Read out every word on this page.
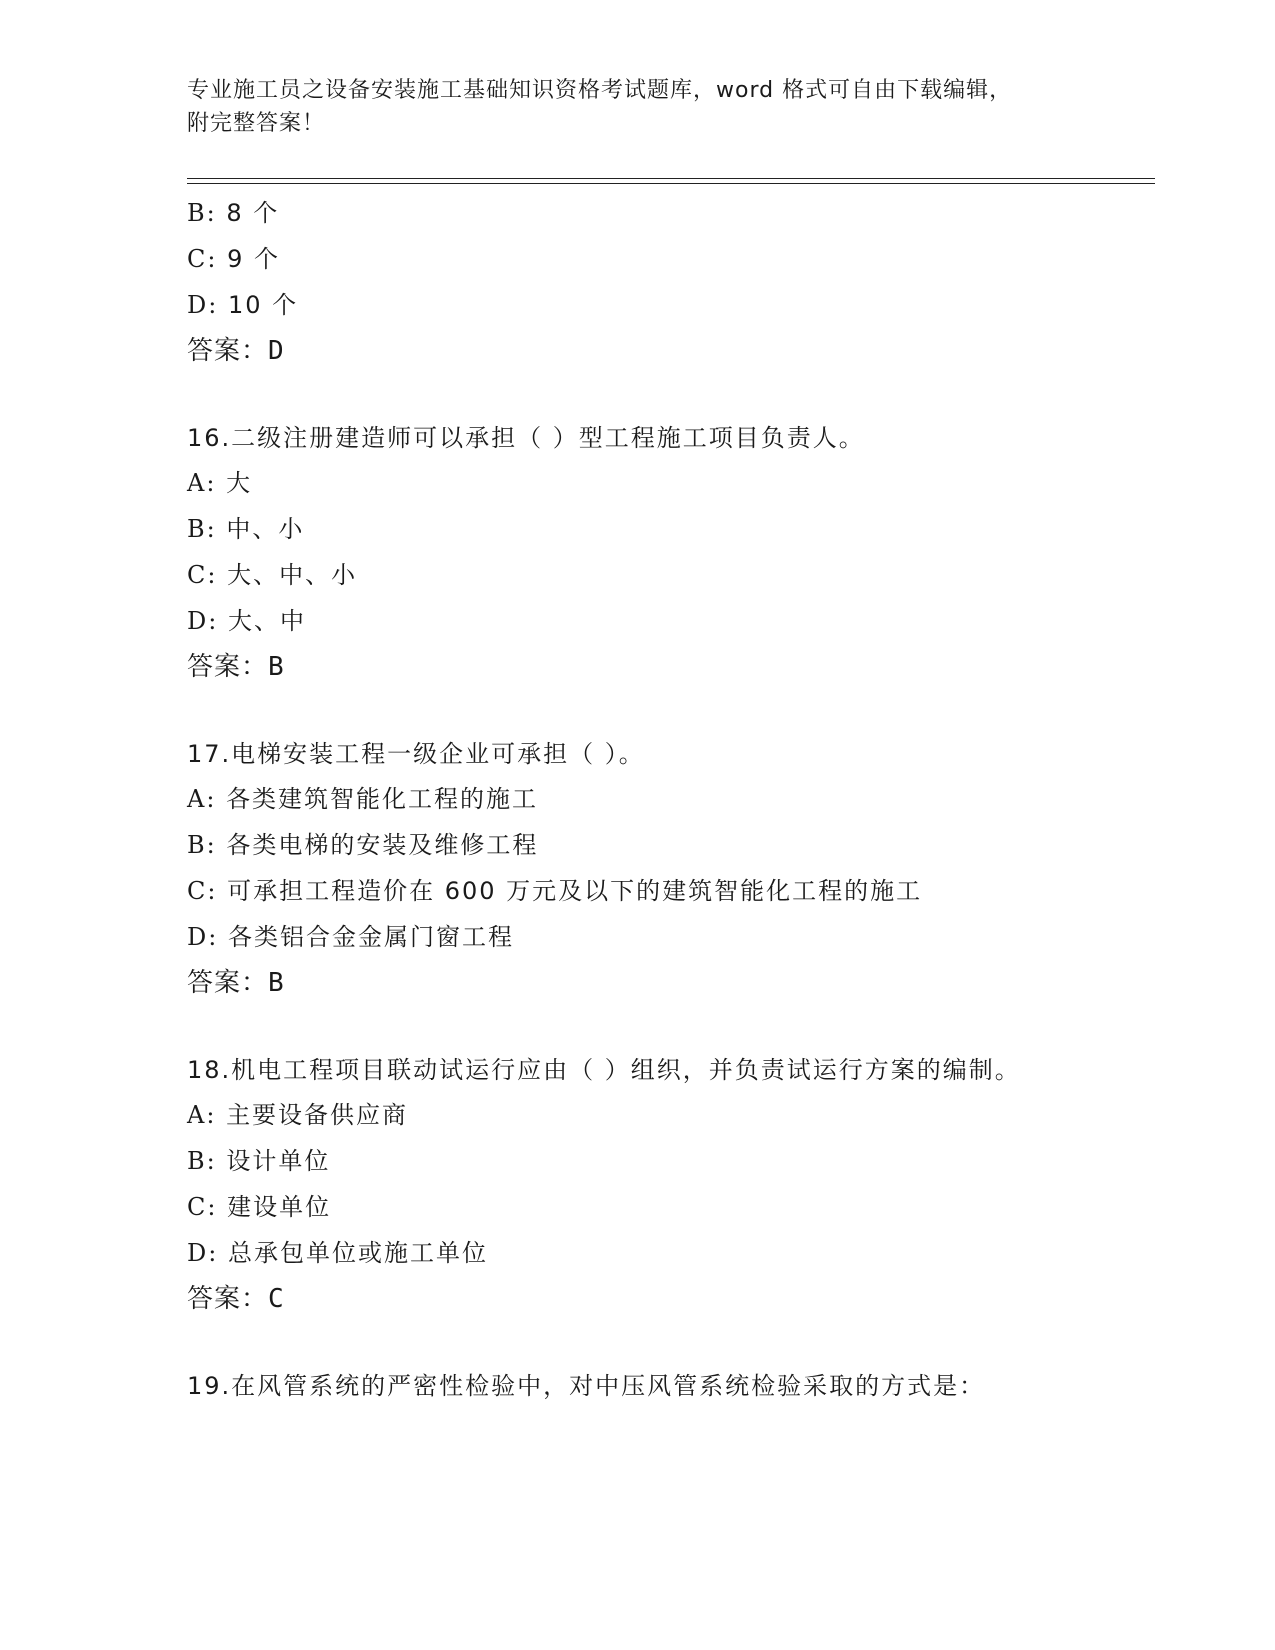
专业施工员之设备安装施工基础知识资格考试题库，word 格式可自由下载编辑，
附完整答案！
B: 8 个
C: 9 个
D: 10 个
答案：D
16.二级注册建造师可以承担（ ）型工程施工项目负责人。
A: 大
B: 中、小
C: 大、中、小
D: 大、中
答案：B
17.电梯安装工程一级企业可承担（ ）。
A: 各类建筑智能化工程的施工
B: 各类电梯的安装及维修工程
C: 可承担工程造价在 600 万元及以下的建筑智能化工程的施工
D: 各类铝合金金属门窗工程
答案：B
18.机电工程项目联动试运行应由（ ）组织，并负责试运行方案的编制。
A: 主要设备供应商
B: 设计单位
C: 建设单位
D: 总承包单位或施工单位
答案：C
19.在风管系统的严密性检验中，对中压风管系统检验采取的方式是：
